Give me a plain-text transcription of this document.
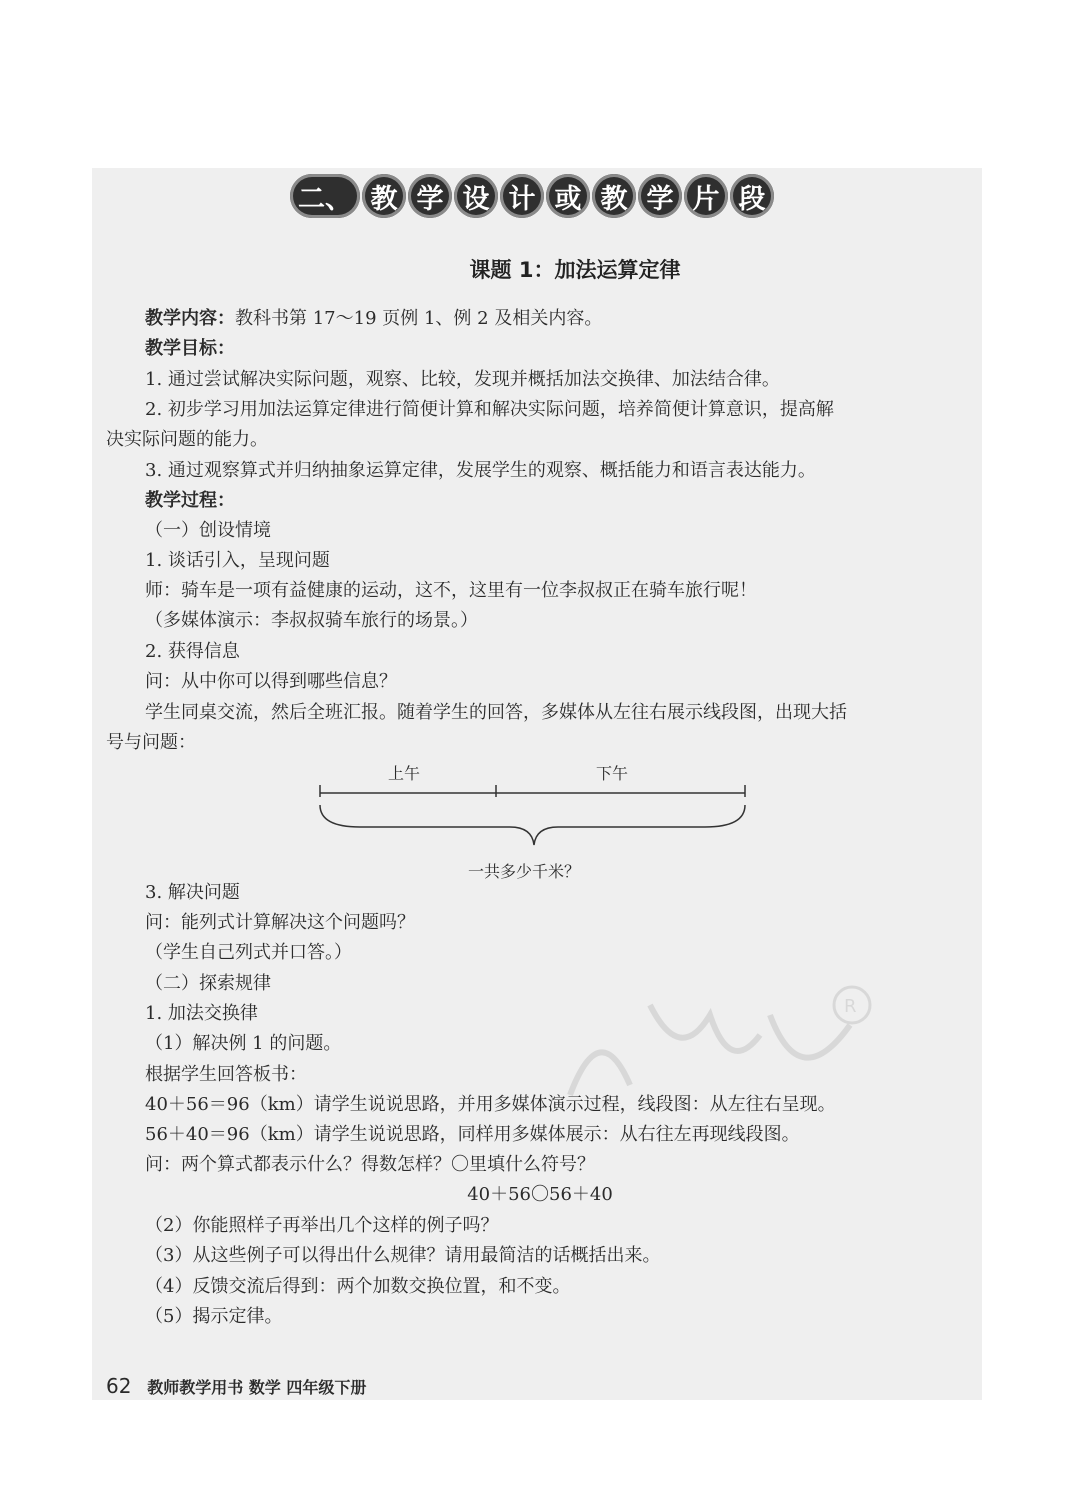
二、 教 学 设 计 或 教 学 片 段
课题 1：加法运算定律
教学内容：教科书第 17～19 页例 1、例 2 及相关内容。
教学目标：
1. 通过尝试解决实际问题，观察、比较，发现并概括加法交换律、加法结合律。
2. 初步学习用加法运算定律进行简便计算和解决实际问题，培养简便计算意识，提高解
决实际问题的能力。
3. 通过观察算式并归纳抽象运算定律，发展学生的观察、概括能力和语言表达能力。
教学过程：
（一）创设情境
1. 谈话引入，呈现问题
师：骑车是一项有益健康的运动，这不，这里有一位李叔叔正在骑车旅行呢！
（多媒体演示：李叔叔骑车旅行的场景。）
2. 获得信息
问：从中你可以得到哪些信息？
学生同桌交流，然后全班汇报。随着学生的回答，多媒体从左往右展示线段图，出现大括
号与问题：
上午	下午
一共多少千米？
3. 解决问题
问：能列式计算解决这个问题吗？
（学生自己列式并口答。）
（二）探索规律
1. 加法交换律
（1）解决例 1 的问题。
根据学生回答板书：
40＋56＝96（km）请学生说说思路，并用多媒体演示过程，线段图：从左往右呈现。
56＋40＝96（km）请学生说说思路，同样用多媒体展示：从右往左再现线段图。
问：两个算式都表示什么？得数怎样？〇里填什么符号？
40＋56〇56＋40
（2）你能照样子再举出几个这样的例子吗？
（3）从这些例子可以得出什么规律？请用最简洁的话概括出来。
（4）反馈交流后得到：两个加数交换位置，和不变。
（5）揭示定律。
R
62 教师教学用书 数学 四年级下册
